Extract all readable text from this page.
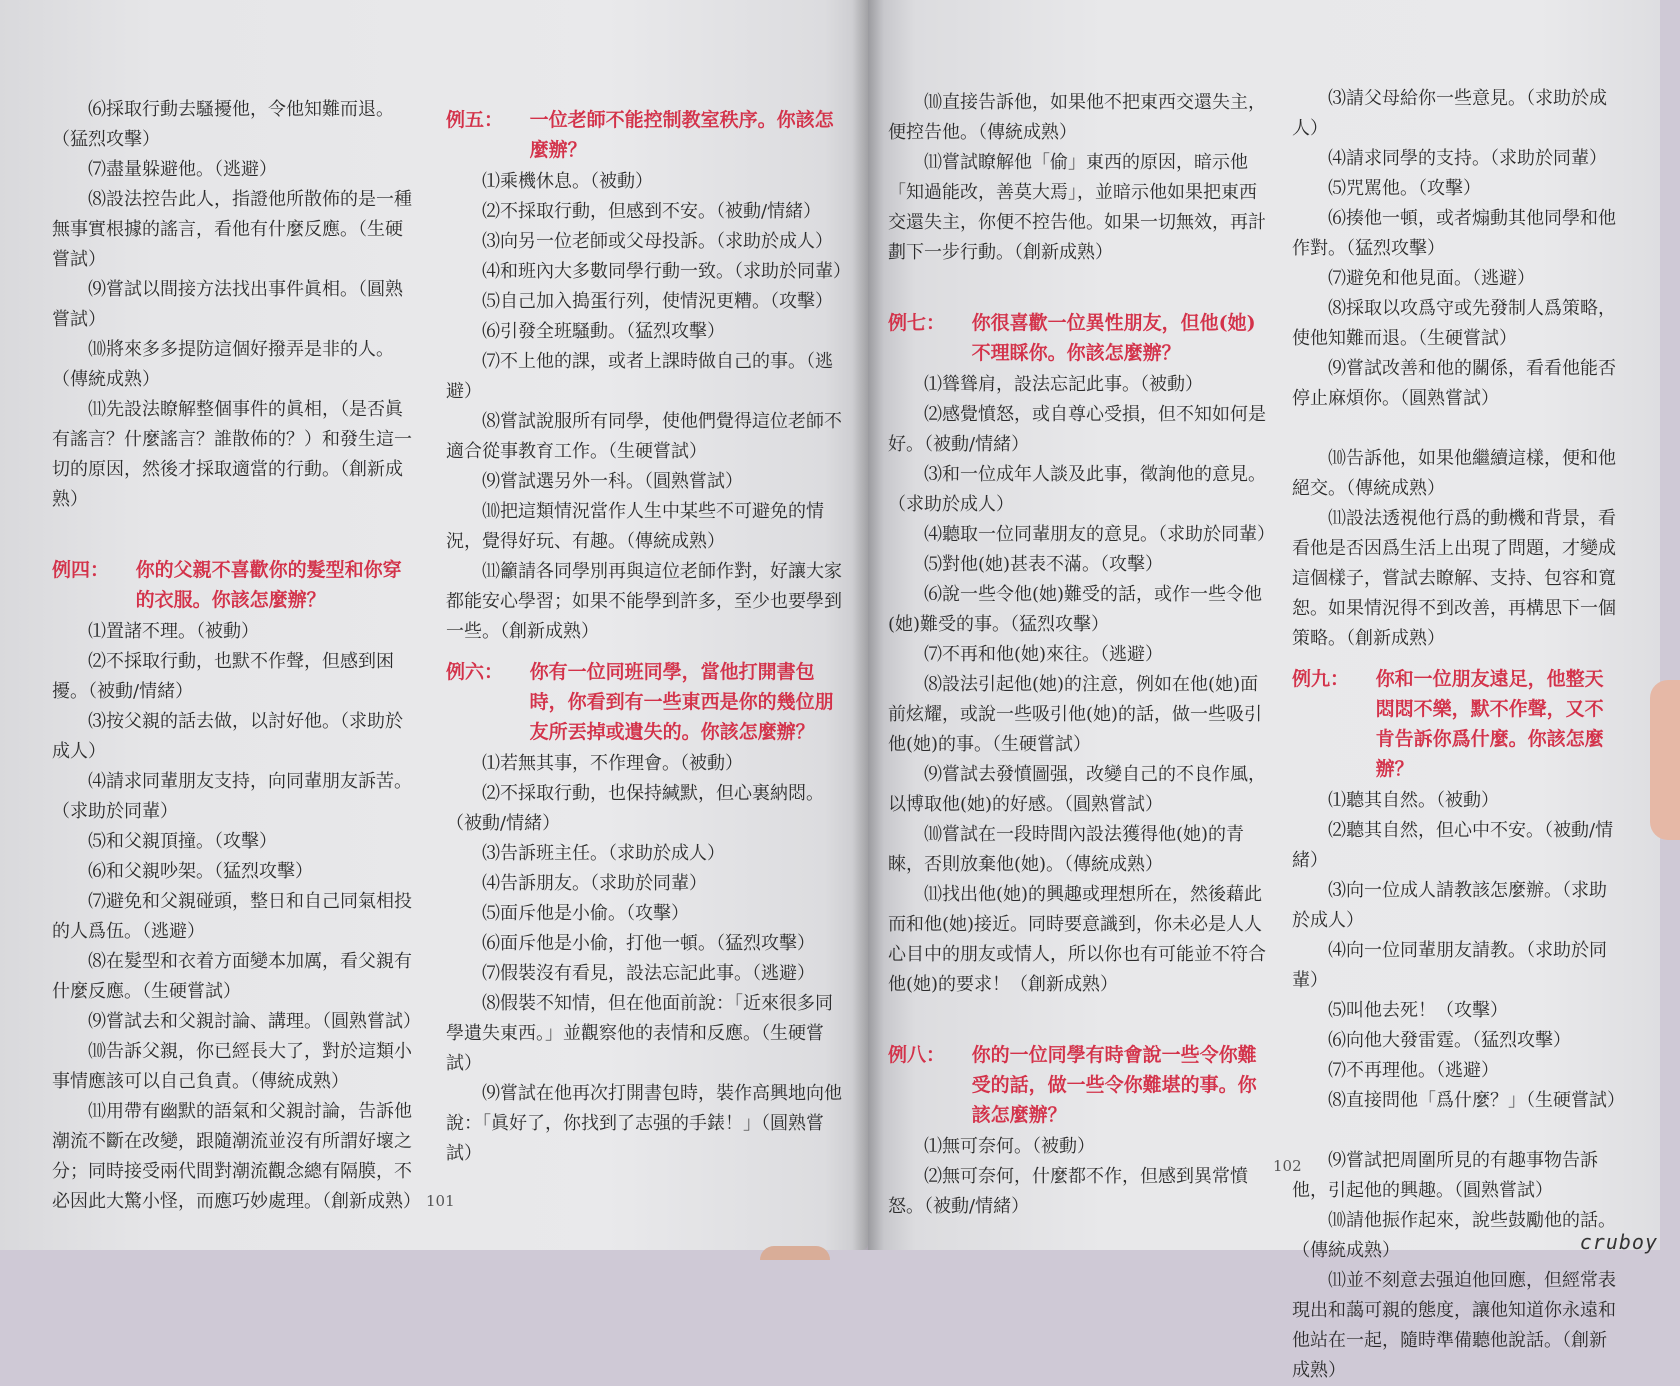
⑹採取行動去騷擾他，令他知難而退。（猛烈攻擊）

⑺盡量躲避他。（逃避）

⑻設法控告此人，指證他所散佈的是一種無事實根據的謠言，看他有什麼反應。（生硬嘗試）

⑼嘗試以間接方法找出事件眞相。（圓熟嘗試）

⑽將來多多提防這個好撥弄是非的人。（傳統成熟）

⑾先設法瞭解整個事件的眞相，（是否眞有謠言？什麼謠言？誰散佈的？）和發生這一切的原因，然後才採取適當的行動。（創新成熟）

例四： 你的父親不喜歡你的髮型和你穿的衣服。你該怎麼辦？

⑴置諸不理。（被動）

⑵不採取行動，也默不作聲，但感到困擾。（被動/情緒）

⑶按父親的話去做，以討好他。（求助於成人）

⑷請求同輩朋友支持，向同輩朋友訴苦。（求助於同輩）

⑸和父親頂撞。（攻擊）

⑹和父親吵架。（猛烈攻擊）

⑺避免和父親碰頭，整日和自己同氣相投的人爲伍。（逃避）

⑻在髮型和衣着方面變本加厲，看父親有什麼反應。（生硬嘗試）

⑼嘗試去和父親討論、講理。（圓熟嘗試）

⑽告訴父親，你已經長大了，對於這類小事情應該可以自己負責。（傳統成熟）

⑾用帶有幽默的語氣和父親討論，告訴他潮流不斷在改變，跟隨潮流並沒有所謂好壞之分；同時接受兩代間對潮流觀念總有隔膜，不必因此大驚小怪，而應巧妙處理。（創新成熟）

例五： 一位老師不能控制教室秩序。你該怎麼辦？

⑴乘機休息。（被動）

⑵不採取行動，但感到不安。（被動/情緒）

⑶向另一位老師或父母投訴。（求助於成人）

⑷和班內大多數同學行動一致。（求助於同輩）

⑸自己加入搗蛋行列，使情況更糟。（攻擊）

⑹引發全班騷動。（猛烈攻擊）

⑺不上他的課，或者上課時做自己的事。（逃避）

⑻嘗試說服所有同學，使他們覺得這位老師不適合從事教育工作。（生硬嘗試）

⑼嘗試選另外一科。（圓熟嘗試）

⑽把這類情況當作人生中某些不可避免的情況，覺得好玩、有趣。（傳統成熟）

⑾籲請各同學別再與這位老師作對，好讓大家都能安心學習；如果不能學到許多，至少也要學到一些。（創新成熟）

例六： 你有一位同班同學，當他打開書包時，你看到有一些東西是你的幾位朋友所丟掉或遺失的。你該怎麼辦？

⑴若無其事，不作理會。（被動）

⑵不採取行動，也保持緘默，但心裏納悶。（被動/情緒）

⑶告訴班主任。（求助於成人）

⑷告訴朋友。（求助於同輩）

⑸面斥他是小偷。（攻擊）

⑹面斥他是小偷，打他一頓。（猛烈攻擊）

⑺假裝沒有看見，設法忘記此事。（逃避）

⑻假裝不知情，但在他面前說：「近來很多同學遺失東西。」並觀察他的表情和反應。（生硬嘗試）

⑼嘗試在他再次打開書包時，裝作高興地向他說：「眞好了，你找到了志强的手錶！」（圓熟嘗試）

101

⑽直接告訴他，如果他不把東西交還失主，便控告他。（傳統成熟）

⑾嘗試瞭解他「偷」東西的原因，暗示他「知過能改，善莫大焉」，並暗示他如果把東西交還失主，你便不控告他。如果一切無效，再計劃下一步行動。（創新成熟）

例七： 你很喜歡一位異性朋友，但他(她)不理睬你。你該怎麼辦？

⑴聳聳肩，設法忘記此事。（被動）

⑵感覺憤怒，或自尊心受損，但不知如何是好。（被動/情緒）

⑶和一位成年人談及此事，徵詢他的意見。（求助於成人）

⑷聽取一位同輩朋友的意見。（求助於同輩）

⑸對他(她)甚表不滿。（攻擊）

⑹說一些令他(她)難受的話，或作一些令他(她)難受的事。（猛烈攻擊）

⑺不再和他(她)來往。（逃避）

⑻設法引起他(她)的注意，例如在他(她)面前炫耀，或說一些吸引他(她)的話，做一些吸引他(她)的事。（生硬嘗試）

⑼嘗試去發憤圖强，改變自己的不良作風，以博取他(她)的好感。（圓熟嘗試）

⑽嘗試在一段時間內設法獲得他(她)的青睞，否則放棄他(她)。（傳統成熟）

⑾找出他(她)的興趣或理想所在，然後藉此而和他(她)接近。同時要意識到，你未必是人人心目中的朋友或情人，所以你也有可能並不符合他(她)的要求！（創新成熟）

例八： 你的一位同學有時會說一些令你難受的話，做一些令你難堪的事。你該怎麼辦？

⑴無可奈何。（被動）

⑵無可奈何，什麼都不作，但感到異常憤怒。（被動/情緒）

⑶請父母給你一些意見。（求助於成人）

⑷請求同學的支持。（求助於同輩）

⑸咒駡他。（攻擊）

⑹揍他一頓，或者煽動其他同學和他作對。（猛烈攻擊）

⑺避免和他見面。（逃避）

⑻採取以攻爲守或先發制人爲策略，使他知難而退。（生硬嘗試）

⑼嘗試改善和他的關係，看看他能否停止麻煩你。（圓熟嘗試）

⑽告訴他，如果他繼續這樣，便和他絕交。（傳統成熟）

⑾設法透視他行爲的動機和背景，看看他是否因爲生活上出現了問題，才變成這個樣子，嘗試去瞭解、支持、包容和寬恕。如果情況得不到改善，再構思下一個策略。（創新成熟）

例九： 你和一位朋友遠足，他整天悶悶不樂，默不作聲，又不肯告訴你爲什麼。你該怎麼辦？

⑴聽其自然。（被動）

⑵聽其自然，但心中不安。（被動/情緒）

⑶向一位成人請教該怎麼辦。（求助於成人）

⑷向一位同輩朋友請教。（求助於同輩）

⑸叫他去死！（攻擊）

⑹向他大發雷霆。（猛烈攻擊）

⑺不再理他。（逃避）

⑻直接問他「爲什麼？」（生硬嘗試）

⑼嘗試把周圍所見的有趣事物告訴他，引起他的興趣。（圓熟嘗試）

⑽請他振作起來，說些鼓勵他的話。（傳統成熟）

⑾並不刻意去强迫他回應，但經常表現出和藹可親的態度，讓他知道你永遠和他站在一起，隨時準備聽他說話。（創新成熟）

102
cruboy
